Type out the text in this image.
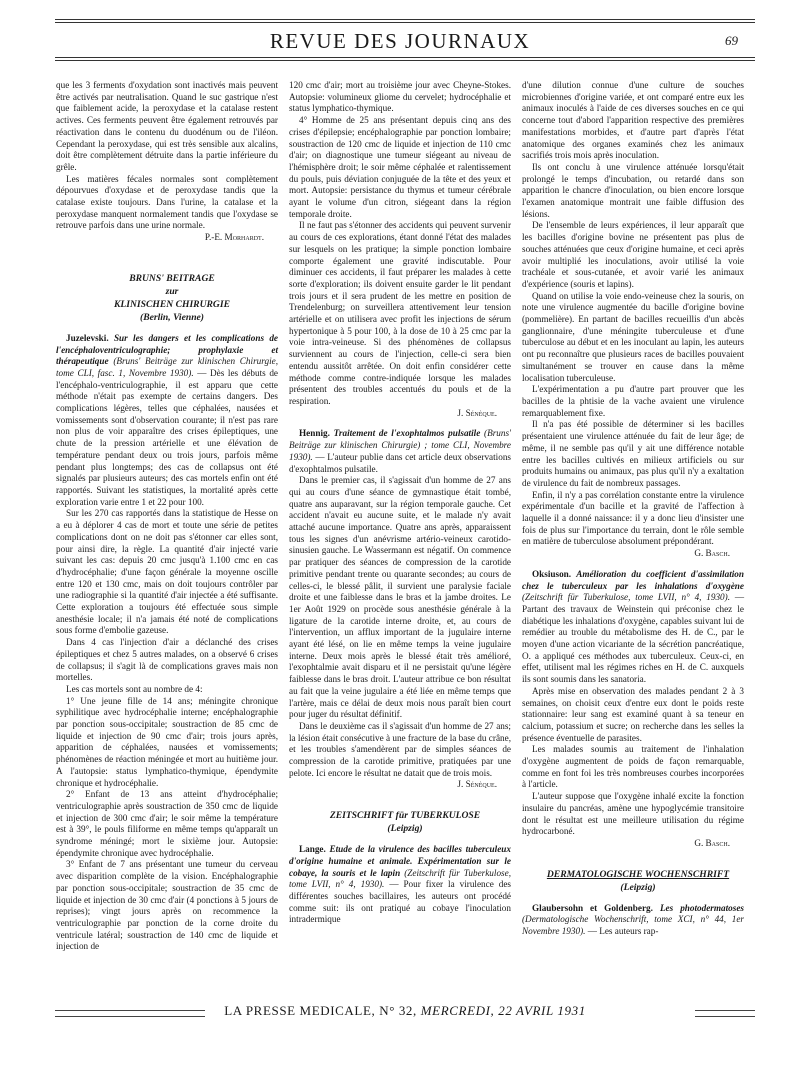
REVUE DES JOURNAUX	69

que les 3 ferments d'oxydation sont inactivés mais peuvent être activés par neutralisation. Quand le suc gastrique n'est que faiblement acide, la peroxydase et la catalase restent actives. Ces ferments peuvent être également retrouvés par réactivation dans le contenu du duodénum ou de l'iléon. Cependant la peroxydase, qui est très sensible aux alcalins, doit être complètement détruite dans la partie inférieure du grêle.

Les matières fécales normales sont complètement dépourvues d'oxydase et de peroxydase tandis que la catalase existe toujours. Dans l'urine, la catalase et la peroxydase manquent normalement tandis que l'oxydase se retrouve parfois dans une urine normale.

P.-E. Morhardt.

BRUNS' BEITRAGE

zur

KLINISCHEN CHIRURGIE

(Berlin, Vienne)

Juzelevski. Sur les dangers et les complications de l'encéphaloventriculographie; prophylaxie et thérapeutique (Bruns' Beiträge zur klinischen Chirurgie, tome CLI, fasc. 1, Novembre 1930). — Dès les débuts de l'encéphalo-ventriculographie, il est apparu que cette méthode n'était pas exempte de certains dangers. Des complications légères, telles que céphalées, nausées et vomissements sont d'observation courante; il n'est pas rare non plus de voir apparaître des crises épileptiques, une chute de la pression artérielle et une élévation de température pendant deux ou trois jours, parfois même pendant plus longtemps; des cas de collapsus ont été signalés par plusieurs auteurs; des cas mortels enfin ont été rapportés. Suivant les statistiques, la mortalité après cette exploration varie entre 1 et 22 pour 100.

Sur les 270 cas rapportés dans la statistique de Hesse on a eu à déplorer 4 cas de mort et toute une série de petites complications dont on ne doit pas s'étonner car elles sont, pour ainsi dire, la règle. La quantité d'air injecté varie suivant les cas: depuis 20 cmc jusqu'à 1.100 cmc en cas d'hydrocéphalie; d'une façon générale la moyenne oscille entre 120 et 130 cmc, mais on doit toujours contrôler par une radiographie si la quantité d'air injectée a été suffisante. Cette exploration a toujours été effectuée sous simple anesthésie locale; il n'a jamais été noté de complications sous forme d'embolie gazeuse.

Dans 4 cas l'injection d'air a déclanché des crises épileptiques et chez 5 autres malades, on a observé 6 crises de collapsus; il s'agit là de complications graves mais non mortelles.

Les cas mortels sont au nombre de 4:

1° Une jeune fille de 14 ans; méningite chronique syphilitique avec hydrocéphalie interne; encéphalographie par ponction sous-occipitale; soustraction de 85 cmc de liquide et injection de 90 cmc d'air; trois jours après, apparition de céphalées, nausées et vomissements; phénomènes de réaction méningée et mort au huitième jour. A l'autopsie: status lymphatico-thymique, épendymite chronique et hydrocéphalie.

2° Enfant de 13 ans atteint d'hydrocéphalie; ventriculographie après soustraction de 350 cmc de liquide et injection de 300 cmc d'air; le soir même la température est à 39°, le pouls filiforme en même temps qu'apparaît un syndrome méningé; mort le sixième jour. Autopsie: épendymite chronique avec hydrocéphalie.

3° Enfant de 7 ans présentant une tumeur du cerveau avec disparition complète de la vision. Encéphalographie par ponction sous-occipitale; soustraction de 35 cmc de liquide et injection de 30 cmc d'air (4 ponctions à 5 jours de reprises); vingt jours après on recommence la ventriculographie par ponction de la corne droite du ventricule latéral; soustraction de 140 cmc de liquide et injection de

120 cmc d'air; mort au troisième jour avec Cheyne-Stokes. Autopsie: volumineux gliome du cervelet; hydrocéphalie et status lymphatico-thymique.

4° Homme de 25 ans présentant depuis cinq ans des crises d'épilepsie; encéphalographie par ponction lombaire; soustraction de 120 cmc de liquide et injection de 110 cmc d'air; on diagnostique une tumeur siégeant au niveau de l'hémisphère droit; le soir même céphalée et ralentissement du pouls, puis déviation conjuguée de la tête et des yeux et mort. Autopsie: persistance du thymus et tumeur cérébrale ayant le volume d'un citron, siégeant dans la région temporale droite.

Il ne faut pas s'étonner des accidents qui peuvent survenir au cours de ces explorations, étant donné l'état des malades sur lesquels on les pratique; la simple ponction lombaire comporte également une gravité indiscutable. Pour diminuer ces accidents, il faut préparer les malades à cette sorte d'exploration; ils doivent ensuite garder le lit pendant trois jours et il sera prudent de les mettre en position de Trendelenburg; on surveillera attentivement leur tension artérielle et on utilisera avec profit les injections de sérum hypertonique à 5 pour 100, à la dose de 10 à 25 cmc par la voie intra-veineuse. Si des phénomènes de collapsus surviennent au cours de l'injection, celle-ci sera bien entendu aussitôt arrêtée. On doit enfin considérer cette méthode comme contre-indiquée lorsque les malades présentent des troubles accentués du pouls et de la respiration.

J. Sénèque.

Hennig. Traitement de l'exophtalmos pulsatile (Bruns' Beiträge zur klinischen Chirurgie) ; tome CLI, Novembre 1930). — L'auteur publie dans cet article deux observations d'exophtalmos pulsatile.

Dans le premier cas, il s'agissait d'un homme de 27 ans qui au cours d'une séance de gymnastique était tombé, quatre ans auparavant, sur la région temporale gauche. Cet accident n'avait eu aucune suite, et le malade n'y avait attaché aucune importance. Quatre ans après, apparaissent tous les signes d'un anévrisme artério-veineux carotido-sinusien gauche. Le Wassermann est négatif. On commence par pratiquer des séances de compression de la carotide primitive pendant trente ou quarante secondes; au cours de celles-ci, le blessé pâlit, il survient une paralysie faciale droite et une faiblesse dans le bras et la jambe droites. Le 1er Août 1929 on procède sous anesthésie générale à la ligature de la carotide interne droite, et, au cours de l'intervention, un afflux important de la jugulaire interne ayant été lésé, on lie en même temps la veine jugulaire interne. Deux mois après le blessé était très amélioré, l'exophtalmie avait disparu et il ne persistait qu'une légère faiblesse dans le bras droit. L'auteur attribue ce bon résultat au fait que la veine jugulaire a été liée en même temps que l'artère, mais ce délai de deux mois nous paraît bien court pour juger du résultat définitif.

Dans le deuxième cas il s'agissait d'un homme de 27 ans; la lésion était consécutive à une fracture de la base du crâne, et les troubles s'amendèrent par de simples séances de compression de la carotide primitive, pratiquées par une pelote. Ici encore le résultat ne datait que de trois mois.

J. Sénèque.

ZEITSCHRIFT für TUBERKULOSE

(Leipzig)

Lange. Etude de la virulence des bacilles tuberculeux d'origine humaine et animale. Expérimentation sur le cobaye, la souris et le lapin (Zeitschrift für Tuberkulose, tome LVII, n° 4, 1930). — Pour fixer la virulence des différentes souches bacillaires, les auteurs ont procédé comme suit: ils ont pratiqué au cobaye l'inoculation intradermique

d'une dilution connue d'une culture de souches microbiennes d'origine variée, et ont comparé entre eux les animaux inoculés à l'aide de ces diverses souches en ce qui concerne tout d'abord l'apparition respective des premières manifestations morbides, et d'autre part d'après l'état anatomique des organes examinés chez les animaux sacrifiés trois mois après inoculation.

Ils ont conclu à une virulence atténuée lorsqu'était prolongé le temps d'incubation, ou retardé dans son apparition le chancre d'inoculation, ou bien encore lorsque l'examen anatomique montrait une faible diffusion des lésions.

De l'ensemble de leurs expériences, il leur apparaît que les bacilles d'origine bovine ne présentent pas plus de souches atténuées que ceux d'origine humaine, et ceci après avoir multiplié les inoculations, avoir utilisé la voie trachéale et sous-cutanée, et avoir varié les animaux d'expérience (souris et lapins).

Quand on utilise la voie endo-veineuse chez la souris, on note une virulence augmentée du bacille d'origine bovine (pommelière). En partant de bacilles recueillis d'un abcès ganglionnaire, d'une méningite tuberculeuse et d'une tuberculose au début et en les inoculant au lapin, les auteurs ont pu reconnaître que plusieurs races de bacilles pouvaient simultanément se trouver en cause dans la même localisation tuberculeuse.

L'expérimentation a pu d'autre part prouver que les bacilles de la phtisie de la vache avaient une virulence remarquablement fixe.

Il n'a pas été possible de déterminer si les bacilles présentaient une virulence atténuée du fait de leur âge; de même, il ne semble pas qu'il y ait une différence notable entre les bacilles cultivés en milieux artificiels ou sur produits humains ou animaux, pas plus qu'il n'y a exaltation de virulence du fait de nombreux passages.

Enfin, il n'y a pas corrélation constante entre la virulence expérimentale d'un bacille et la gravité de l'affection à laquelle il a donné naissance: il y a donc lieu d'insister une fois de plus sur l'importance du terrain, dont le rôle semble en matière de tuberculose absolument prépondérant.

G. Basch.

Oksiuson. Amélioration du coefficient d'assimilation chez le tuberculeux par les inhalations d'oxygène (Zeitschrift für Tuberkulose, tome LVII, n° 4, 1930). —Partant des travaux de Weinstein qui préconise chez le diabétique les inhalations d'oxygène, capables suivant lui de remédier au trouble du métabolisme des H. de C., par le moyen d'une action vicariante de la sécrétion pancréatique, O. a appliqué ces méthodes aux tuberculeux. Ceux-ci, en effet, utilisent mal les régimes riches en H. de C. auxquels ils sont soumis dans les sanatoria.

Après mise en observation des malades pendant 2 à 3 semaines, on choisit ceux d'entre eux dont le poids reste stationnaire: leur sang est examiné quant à sa teneur en calcium, potassium et sucre; on recherche dans les selles la présence éventuelle de parasites.

Les malades soumis au traitement de l'inhalation d'oxygène augmentent de poids de façon remarquable, comme en font foi les très nombreuses courbes incorporées à l'article.

L'auteur suppose que l'oxygène inhalé excite la fonction insulaire du pancréas, amène une hypoglycémie transitoire dont le résultat est une meilleure utilisation du régime hydrocarboné.

G. Basch.

DERMATOLOGISCHE WOCHENSCHRIFT

(Leipzig)

Glaubersohn et Goldenberg. Les photodermatoses (Dermatologische Wochenschrift, tome XCI, n° 44, 1er Novembre 1930). — Les auteurs rap-

LA PRESSE MEDICALE, N° 32, MERCREDI, 22 AVRIL 1931
